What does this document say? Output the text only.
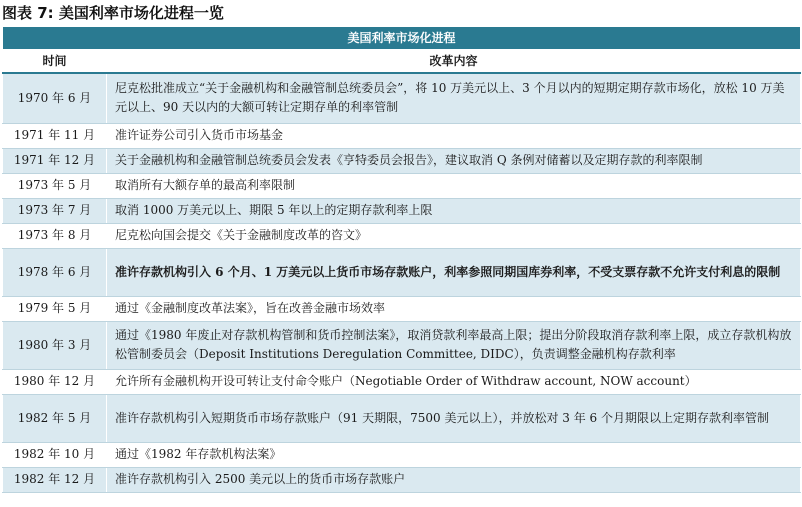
图表 7: 美国利率市场化进程一览
美国利率市场化进程	
时间	改革内容
1970 年 6 月	尼克松批准成立“关于金融机构和金融管制总统委员会”，将 10 万美元以上、3 个月以内的短期定期存款市场化，放松 10 万美元以上、90 天以内的大额可转让定期存单的利率管制
1971 年 11 月	准许证券公司引入货币市场基金
1971 年 12 月	关于金融机构和金融管制总统委员会发表《亨特委员会报告》，建议取消 Q 条例对储蓄以及定期存款的利率限制
1973 年 5 月	取消所有大额存单的最高利率限制
1973 年 7 月	取消 1000 万美元以上、期限 5 年以上的定期存款利率上限
1973 年 8 月	尼克松向国会提交《关于金融制度改革的咨文》
1978 年 6 月	准许存款机构引入 6 个月、1 万美元以上货币市场存款账户，利率参照同期国库券利率，不受支票存款不允许支付利息的限制
1979 年 5 月	通过《金融制度改革法案》，旨在改善金融市场效率
1980 年 3 月	通过《1980 年废止对存款机构管制和货币控制法案》，取消贷款利率最高上限；提出分阶段取消存款利率上限，成立存款机构放松管制委员会（Deposit Institutions Deregulation Committee, DIDC），负责调整金融机构存款利率
1980 年 12 月	允许所有金融机构开设可转让支付命令账户（Negotiable Order of Withdraw account, NOW account）
1982 年 5 月	准许存款机构引入短期货币市场存款账户（91 天期限，7500 美元以上），并放松对 3 年 6 个月期限以上定期存款利率管制
1982 年 10 月	通过《1982 年存款机构法案》
1982 年 12 月	准许存款机构引入 2500 美元以上的货币市场存款账户
